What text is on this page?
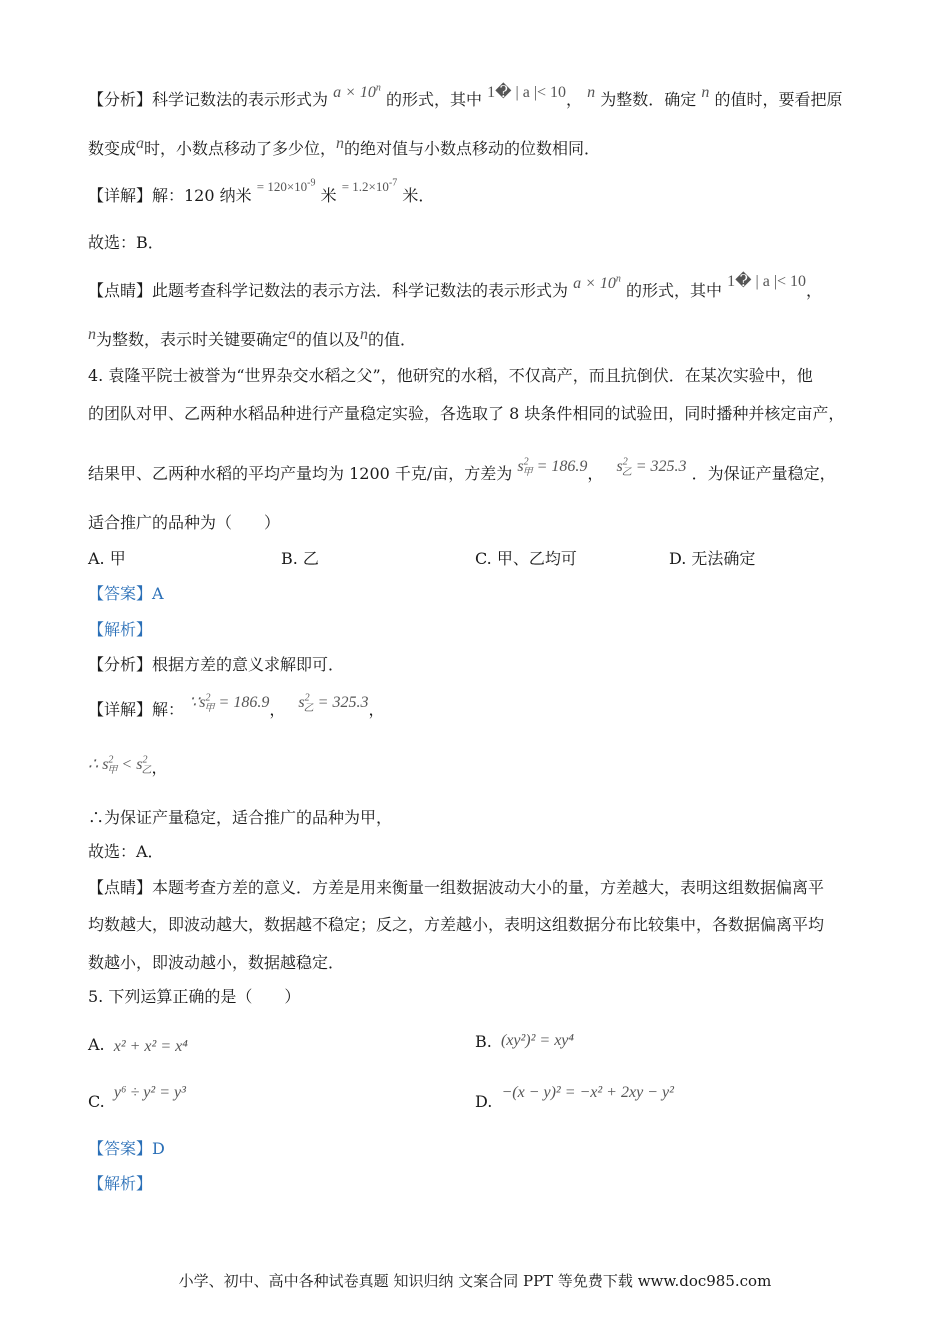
【分析】科学记数法的表示形式为 $a \times 10^n$ 的形式，其中 1� | a |< 10， n 为整数．确定 n 的值时，要看把原
数变成a时，小数点移动了多少位，n的绝对值与小数点移动的位数相同．
【详解】解：120 纳米 $^{= 120\times 10^{-9}}$ 米 $^{= 1.2\times 10^{-7}}$ 米．
故选：B．
【点睛】此题考查科学记数法的表示方法．科学记数法的表示形式为 $a \times 10^n$ 的形式，其中 1� | a |< 10，
n为整数，表示时关键要确定a的值以及n的值．
4. 袁隆平院士被誉为“世界杂交水稻之父”，他研究的水稻，不仅高产，而且抗倒伏．在某次实验中，他
的团队对甲、乙两种水稻品种进行产量稳定实验，各选取了 8 块条件相同的试验田，同时播种并核定亩产，
结果甲、乙两种水稻的平均产量均为 1200 千克/亩，方差为 $s^2_甲 = 186.9$， $s^2_乙 = 325.3$ ．为保证产量稳定，
适合推广的品种为（　　）
A. 甲	B. 乙	C. 甲、乙均可	D. 无法确定
【答案】A
【解析】
【分析】根据方差的意义求解即可．
【详解】解： $\because s^2_甲 = 186.9$， $s^2_乙 = 325.3$，
∴ $s^2_甲 < s^2_乙$，
∴为保证产量稳定，适合推广的品种为甲，
故选：A．
【点睛】本题考查方差的意义．方差是用来衡量一组数据波动大小的量，方差越大，表明这组数据偏离平
均数越大，即波动越大，数据越不稳定；反之，方差越小，表明这组数据分布比较集中，各数据偏离平均
数越小，即波动越小，数据越稳定．
5. 下列运算正确的是（　　）
A. x² + x² = x⁴	B. (xy²)² = xy⁴
C. y⁶ ÷ y² = y³	D. −(x − y)² = −x² + 2xy − y²
【答案】D
【解析】
小学、初中、高中各种试卷真题 知识归纳 文案合同 PPT 等免费下载 www.doc985.com
